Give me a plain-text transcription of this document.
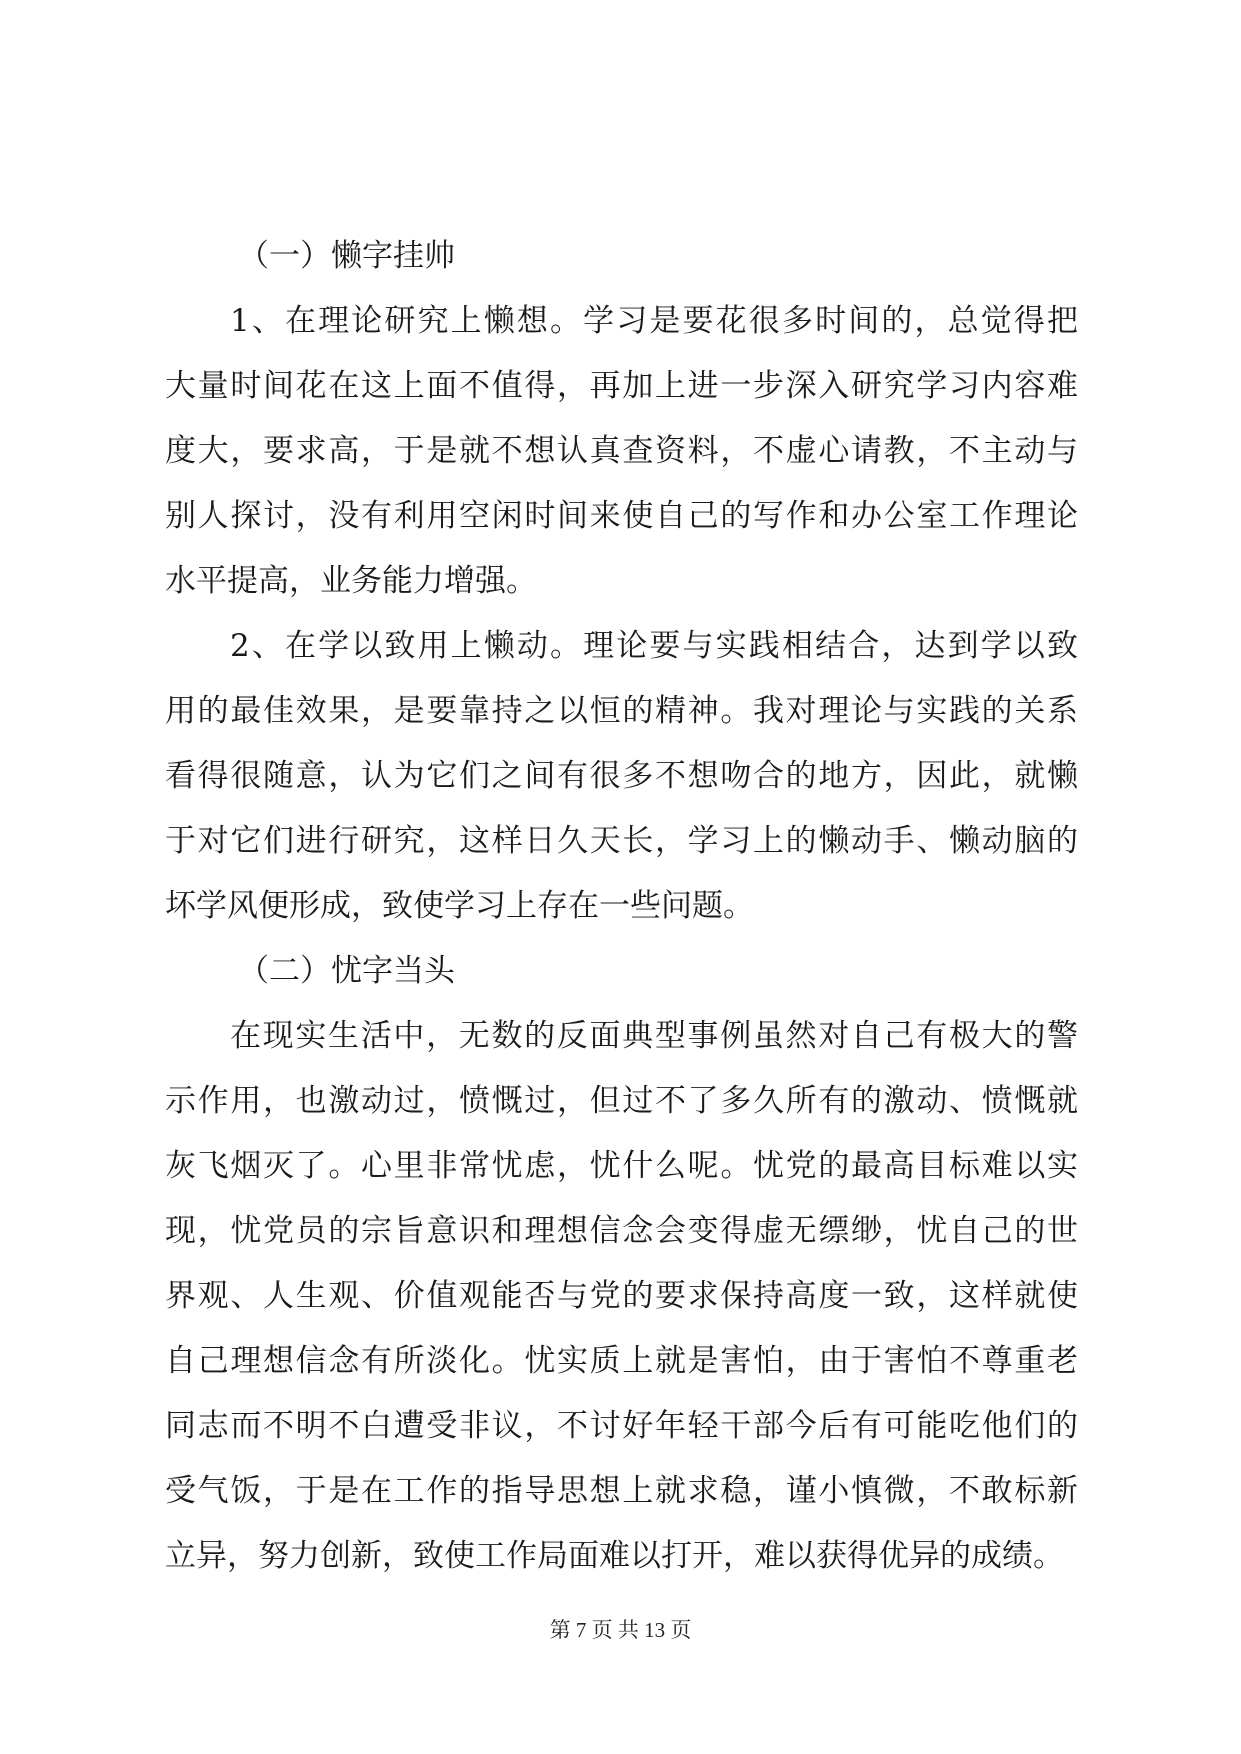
（一）懒字挂帅
1、在理论研究上懒想。学习是要花很多时间的，总觉得把
大量时间花在这上面不值得，再加上进一步深入研究学习内容难
度大，要求高，于是就不想认真查资料，不虚心请教，不主动与
别人探讨，没有利用空闲时间来使自己的写作和办公室工作理论
水平提高，业务能力增强。
2、在学以致用上懒动。理论要与实践相结合，达到学以致
用的最佳效果，是要靠持之以恒的精神。我对理论与实践的关系
看得很随意，认为它们之间有很多不想吻合的地方，因此，就懒
于对它们进行研究，这样日久天长，学习上的懒动手、懒动脑的
坏学风便形成，致使学习上存在一些问题。
（二）忧字当头
在现实生活中，无数的反面典型事例虽然对自己有极大的警
示作用，也激动过，愤慨过，但过不了多久所有的激动、愤慨就
灰飞烟灭了。心里非常忧虑，忧什么呢。忧党的最高目标难以实
现，忧党员的宗旨意识和理想信念会变得虚无缥缈，忧自己的世
界观、人生观、价值观能否与党的要求保持高度一致，这样就使
自己理想信念有所淡化。忧实质上就是害怕，由于害怕不尊重老
同志而不明不白遭受非议，不讨好年轻干部今后有可能吃他们的
受气饭，于是在工作的指导思想上就求稳，谨小慎微，不敢标新
立异，努力创新，致使工作局面难以打开，难以获得优异的成绩。
第 7 页 共 13 页
